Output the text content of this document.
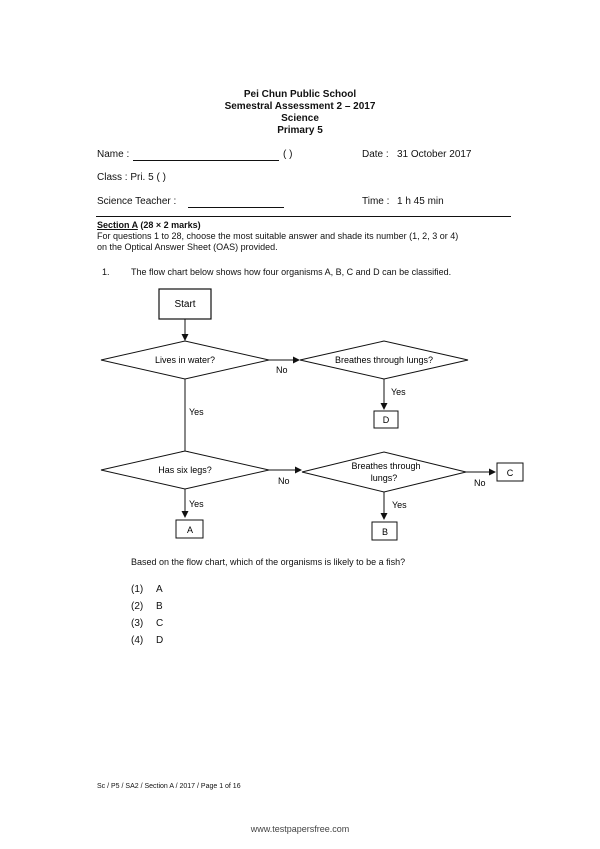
Pei Chun Public School
Semestral Assessment 2 – 2017
Science
Primary 5
Name :	( )	Date : 31 October 2017
Class : Pri. 5 ( )
Science Teacher :	Time : 1 h 45 min
Section A (28 × 2 marks)
For questions 1 to 28, choose the most suitable answer and shade its number (1, 2, 3 or 4)
on the Optical Answer Sheet (OAS) provided.
1. The flow chart below shows how four organisms A, B, C and D can be classified.
Start
Lives in water?
No
Breathes through lungs?
Yes
D
Yes
Has six legs?
No
Breathes through
lungs?	No
C
Yes
A
Yes
B
Based on the flow chart, which of the organisms is likely to be a fish?
(1) A
(2) B
(3) C
(4) D
Sc / P5 / SA2 / Section A / 2017 / Page 1 of 16
www.testpapersfree.com
